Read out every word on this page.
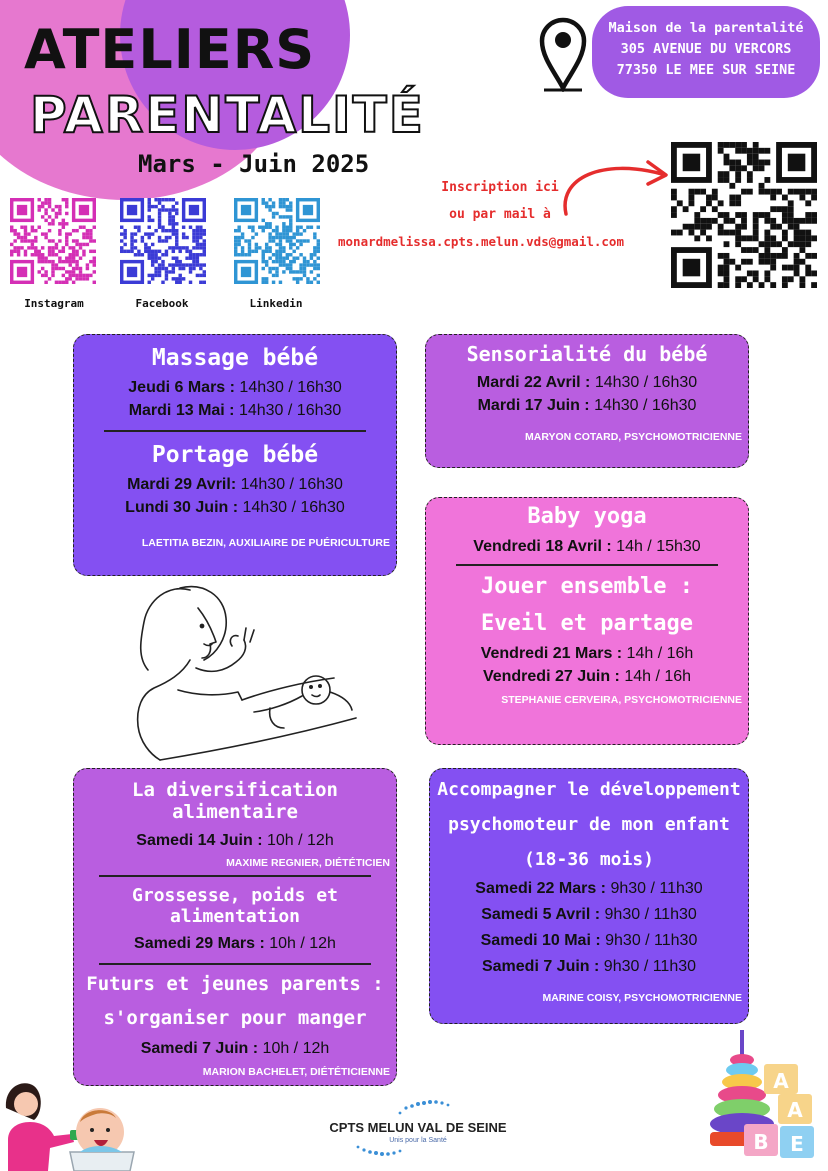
ATELIERS
PARENTALITÉ
Mars - Juin 2025
Instagram	Facebook	Linkedin
Maison de la parentalité
305 AVENUE DU VERCORS
77350 LE MEE SUR SEINE
Inscription ici
ou par mail à
monardmelissa.cpts.melun.vds@gmail.com
Massage bébé
Jeudi 6 Mars : 14h30 / 16h30
Mardi 13 Mai : 14h30 / 16h30
Portage bébé
Mardi 29 Avril: 14h30 / 16h30
Lundi 30 Juin : 14h30 / 16h30
LAETITIA BEZIN, AUXILIAIRE DE PUÉRICULTURE
Sensorialité du bébé
Mardi 22 Avril : 14h30 / 16h30
Mardi 17 Juin : 14h30 / 16h30
MARYON COTARD, PSYCHOMOTRICIENNE
Baby yoga
Vendredi 18 Avril : 14h / 15h30
Jouer ensemble :
Eveil et partage
Vendredi 21 Mars : 14h / 16h
Vendredi 27 Juin : 14h / 16h
STEPHANIE CERVEIRA, PSYCHOMOTRICIENNE
La diversification alimentaire
Samedi 14 Juin : 10h / 12h
MAXIME REGNIER, DIÉTÉTICIEN
Grossesse, poids et alimentation
Samedi 29 Mars : 10h / 12h
Futurs et jeunes parents :
s'organiser pour manger
Samedi 7 Juin : 10h / 12h
MARION BACHELET, DIÉTÉTICIENNE
Accompagner le développement
psychomoteur de mon enfant
(18-36 mois)
Samedi 22 Mars : 9h30 / 11h30
Samedi 5 Avril : 9h30 / 11h30
Samedi 10 Mai : 9h30 / 11h30
Samedi 7 Juin : 9h30 / 11h30
MARINE COISY, PSYCHOMOTRICIENNE
A
A
B E
CPTS MELUN VAL DE SEINE
Unis pour la Santé
